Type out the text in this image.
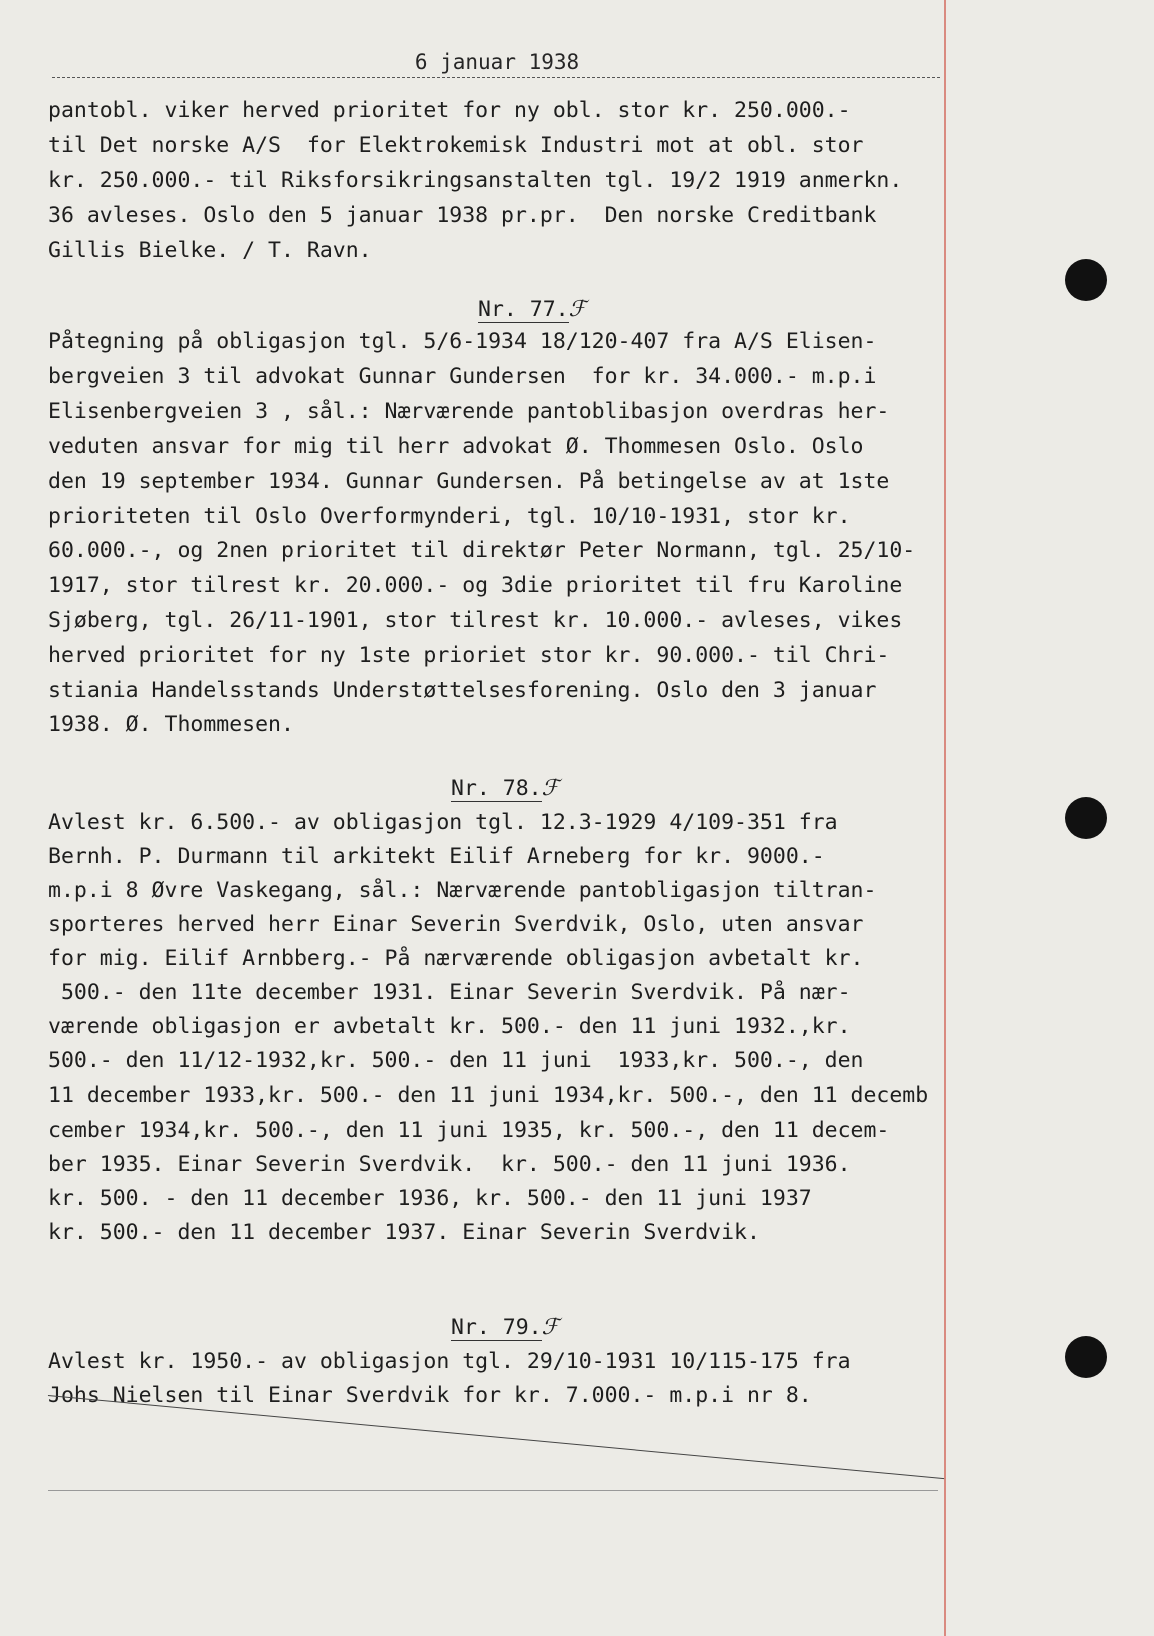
6 januar 1938
pantobl. viker herved prioritet for ny obl. stor kr. 250.000.-
til Det norske A/S  for Elektrokemisk Industri mot at obl. stor
kr. 250.000.- til Riksforsikringsanstalten tgl. 19/2 1919 anmerkn.
36 avleses. Oslo den 5 januar 1938 pr.pr.  Den norske Creditbank
Gillis Bielke. / T. Ravn.
Nr. 77.ℱ
Påtegning på obligasjon tgl. 5/6-1934 18/120-407 fra A/S Elisen-
bergveien 3 til advokat Gunnar Gundersen  for kr. 34.000.- m.p.i
Elisenbergveien 3 , sål.: Nærværende pantoblibasjon overdras her-
veduten ansvar for mig til herr advokat Ø. Thommesen Oslo. Oslo
den 19 september 1934. Gunnar Gundersen. På betingelse av at 1ste
prioriteten til Oslo Overformynderi, tgl. 10/10-1931, stor kr.
60.000.-, og 2nen prioritet til direktør Peter Normann, tgl. 25/10-
1917, stor tilrest kr. 20.000.- og 3die prioritet til fru Karoline
Sjøberg, tgl. 26/11-1901, stor tilrest kr. 10.000.- avleses, vikes
herved prioritet for ny 1ste prioriet stor kr. 90.000.- til Chri-
stiania Handelsstands Understøttelsesforening. Oslo den 3 januar
1938. Ø. Thommesen.
Nr. 78.ℱ
Avlest kr. 6.500.- av obligasjon tgl. 12.3-1929 4/109-351 fra
Bernh. P. Durmann til arkitekt Eilif Arneberg for kr. 9000.-
m.p.i 8 Øvre Vaskegang, sål.: Nærværende pantobligasjon tiltran-
sporteres herved herr Einar Severin Sverdvik, Oslo, uten ansvar
for mig. Eilif Arnbberg.- På nærværende obligasjon avbetalt kr.
500.- den 11te december 1931. Einar Severin Sverdvik. På nær-
værende obligasjon er avbetalt kr. 500.- den 11 juni 1932.,kr.
500.- den 11/12-1932,kr. 500.- den 11 juni  1933,kr. 500.-, den
11 december 1933,kr. 500.- den 11 juni 1934,kr. 500.-, den 11 decemb
cember 1934,kr. 500.-, den 11 juni 1935, kr. 500.-, den 11 decem-
ber 1935. Einar Severin Sverdvik.  kr. 500.- den 11 juni 1936.
kr. 500. - den 11 december 1936, kr. 500.- den 11 juni 1937
kr. 500.- den 11 december 1937. Einar Severin Sverdvik.
Nr. 79.ℱ
Avlest kr. 1950.- av obligasjon tgl. 29/10-1931 10/115-175 fra
Johs Nielsen til Einar Sverdvik for kr. 7.000.- m.p.i nr 8.
